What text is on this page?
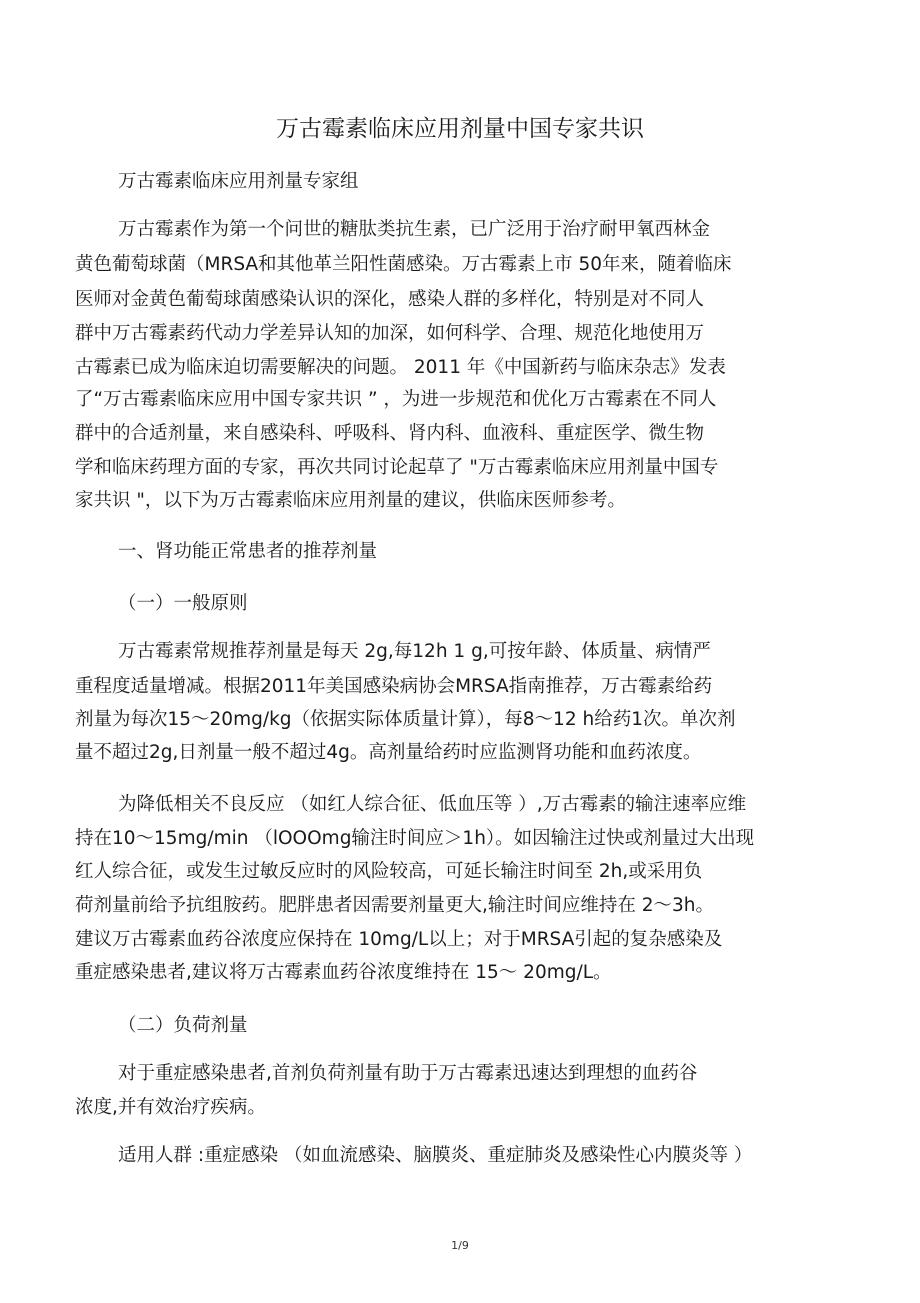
万古霉素临床应用剂量中国专家共识

万古霉素临床应用剂量专家组

万古霉素作为第一个问世的糖肽类抗生素，已广泛用于治疗耐甲氧西林金

黄色葡萄球菌（MRSA和其他革兰阳性菌感染。万古霉素上市 50年来，随着临床

医师对金黄色葡萄球菌感染认识的深化，感染人群的多样化，特别是对不同人

群中万古霉素药代动力学差异认知的加深，如何科学、合理、规范化地使用万

古霉素已成为临床迫切需要解决的问题。 2011 年《中国新药与临床杂志》发表

了“万古霉素临床应用中国专家共识 ” ，为进一步规范和优化万古霉素在不同人

群中的合适剂量，来自感染科、呼吸科、肾内科、血液科、重症医学、微生物

学和临床药理方面的专家，再次共同讨论起草了 "万古霉素临床应用剂量中国专

家共识 "，以下为万古霉素临床应用剂量的建议，供临床医师参考。

一、肾功能正常患者的推荐剂量

（一）一般原则

万古霉素常规推荐剂量是每天 2g,每12h 1 g,可按年龄、体质量、病情严

重程度适量增减。根据2011年美国感染病协会MRSA指南推荐，万古霉素给药

剂量为每次15～20mg/kg（依据实际体质量计算），每8～12 h给药1次。单次剂

量不超过2g,日剂量一般不超过4g。高剂量给药时应监测肾功能和血药浓度。

为降低相关不良反应 （如红人综合征、低血压等 ）,万古霉素的输注速率应维

持在10～15mg/min （lOOOmg输注时间应＞1h）。如因输注过快或剂量过大出现

红人综合征，或发生过敏反应时的风险较高，可延长输注时间至 2h,或采用负

荷剂量前给予抗组胺药。肥胖患者因需要剂量更大,输注时间应维持在 2～3h。

建议万古霉素血药谷浓度应保持在 10mg/L以上；对于MRSA引起的复杂感染及

重症感染患者,建议将万古霉素血药谷浓度维持在 15～ 20mg/L。

（二）负荷剂量

对于重症感染患者,首剂负荷剂量有助于万古霉素迅速达到理想的血药谷

浓度,并有效治疗疾病。

适用人群 :重症感染 （如血流感染、脑膜炎、重症肺炎及感染性心内膜炎等 ）

1/9
